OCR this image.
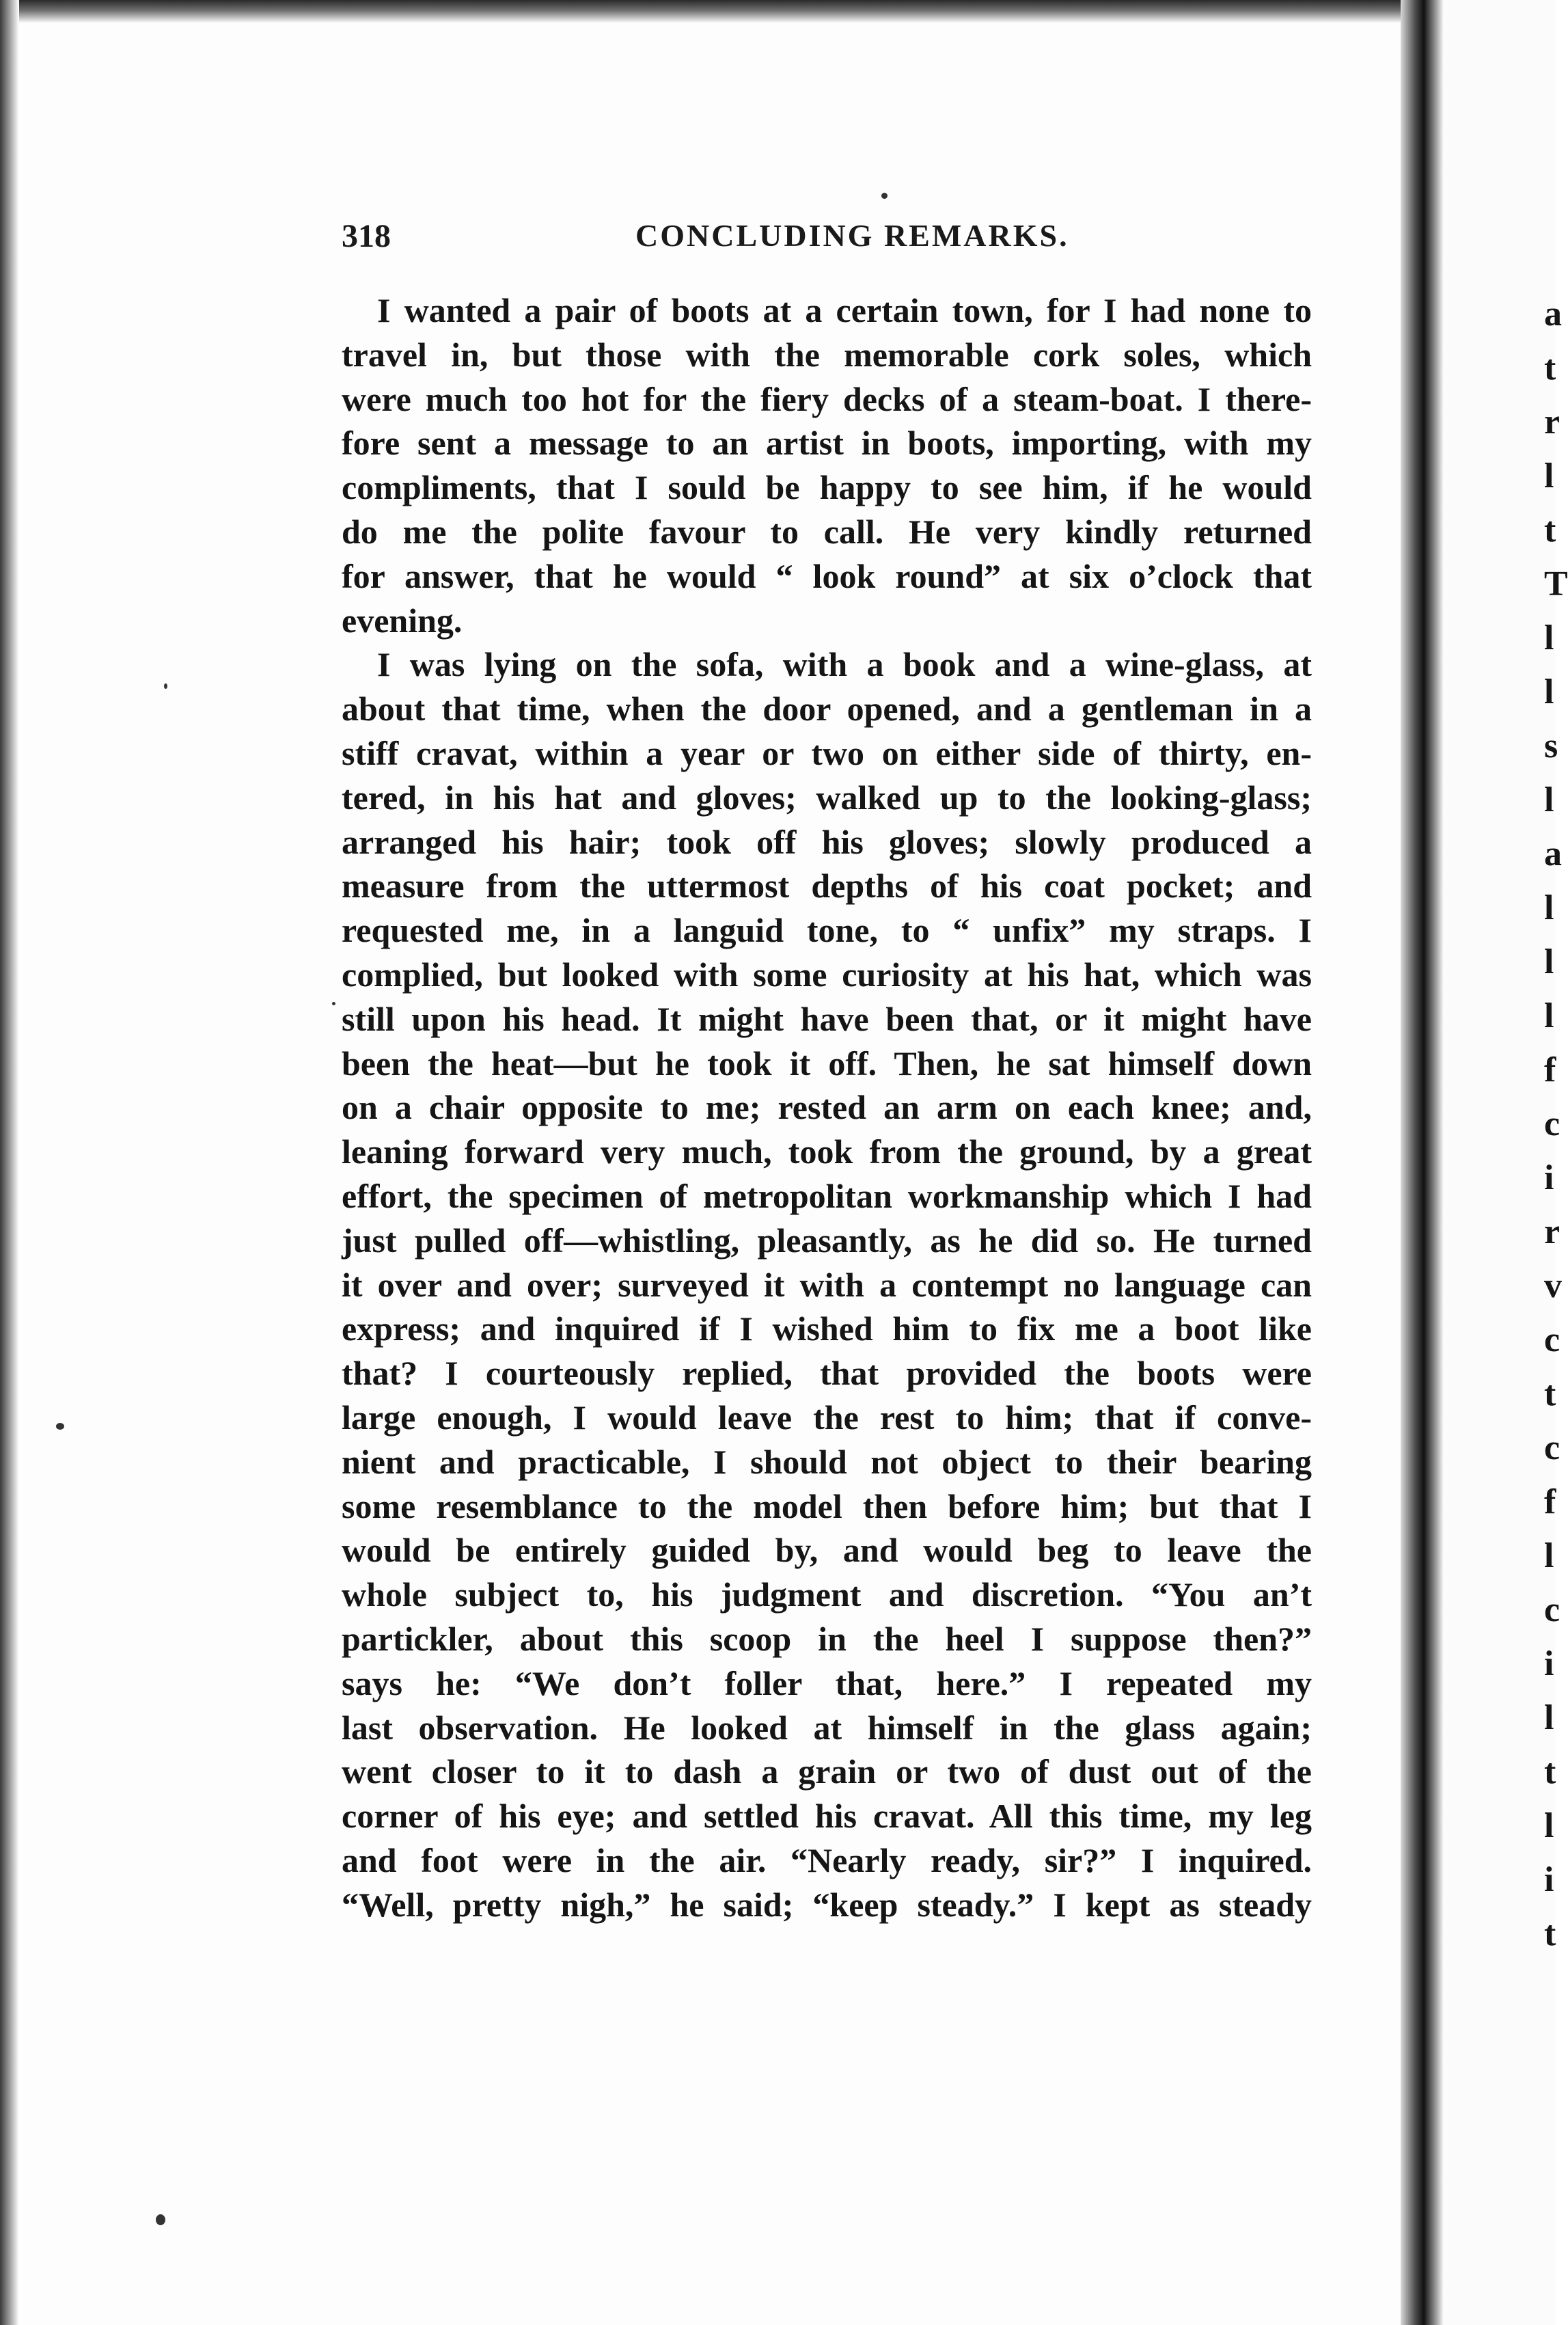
a
t
r
l
t
T
l
l
s
l
a
l
l
l
f
c
i
r
v
c
t
c
f
l
c
i
l
t
l
i
t
318	CONCLUDING REMARKS.
I wanted a pair of boots at a certain town, for I had none to
travel in, but those with the memorable cork soles, which
were much too hot for the fiery decks of a steam-boat. I there-
fore sent a message to an artist in boots, importing, with my
compliments, that I sould be happy to see him, if he would
do me the polite favour to call. He very kindly returned
for answer, that he would “ look round” at six o’clock that
evening.
I was lying on the sofa, with a book and a wine-glass, at
about that time, when the door opened, and a gentleman in a
stiff cravat, within a year or two on either side of thirty, en-
tered, in his hat and gloves; walked up to the looking-glass;
arranged his hair; took off his gloves; slowly produced a
measure from the uttermost depths of his coat pocket; and
requested me, in a languid tone, to “ unfix” my straps. I
complied, but looked with some curiosity at his hat, which was
still upon his head. It might have been that, or it might have
been the heat—but he took it off. Then, he sat himself down
on a chair opposite to me; rested an arm on each knee; and,
leaning forward very much, took from the ground, by a great
effort, the specimen of metropolitan workmanship which I had
just pulled off—whistling, pleasantly, as he did so. He turned
it over and over; surveyed it with a contempt no language can
express; and inquired if I wished him to fix me a boot like
that? I courteously replied, that provided the boots were
large enough, I would leave the rest to him; that if conve-
nient and practicable, I should not object to their bearing
some resemblance to the model then before him; but that I
would be entirely guided by, and would beg to leave the
whole subject to, his judgment and discretion. “You an’t
partickler, about this scoop in the heel I suppose then?”
says he: “We don’t foller that, here.” I repeated my
last observation. He looked at himself in the glass again;
went closer to it to dash a grain or two of dust out of the
corner of his eye; and settled his cravat. All this time, my leg
and foot were in the air. “Nearly ready, sir?” I inquired.
“Well, pretty nigh,” he said; “keep steady.” I kept as steady
